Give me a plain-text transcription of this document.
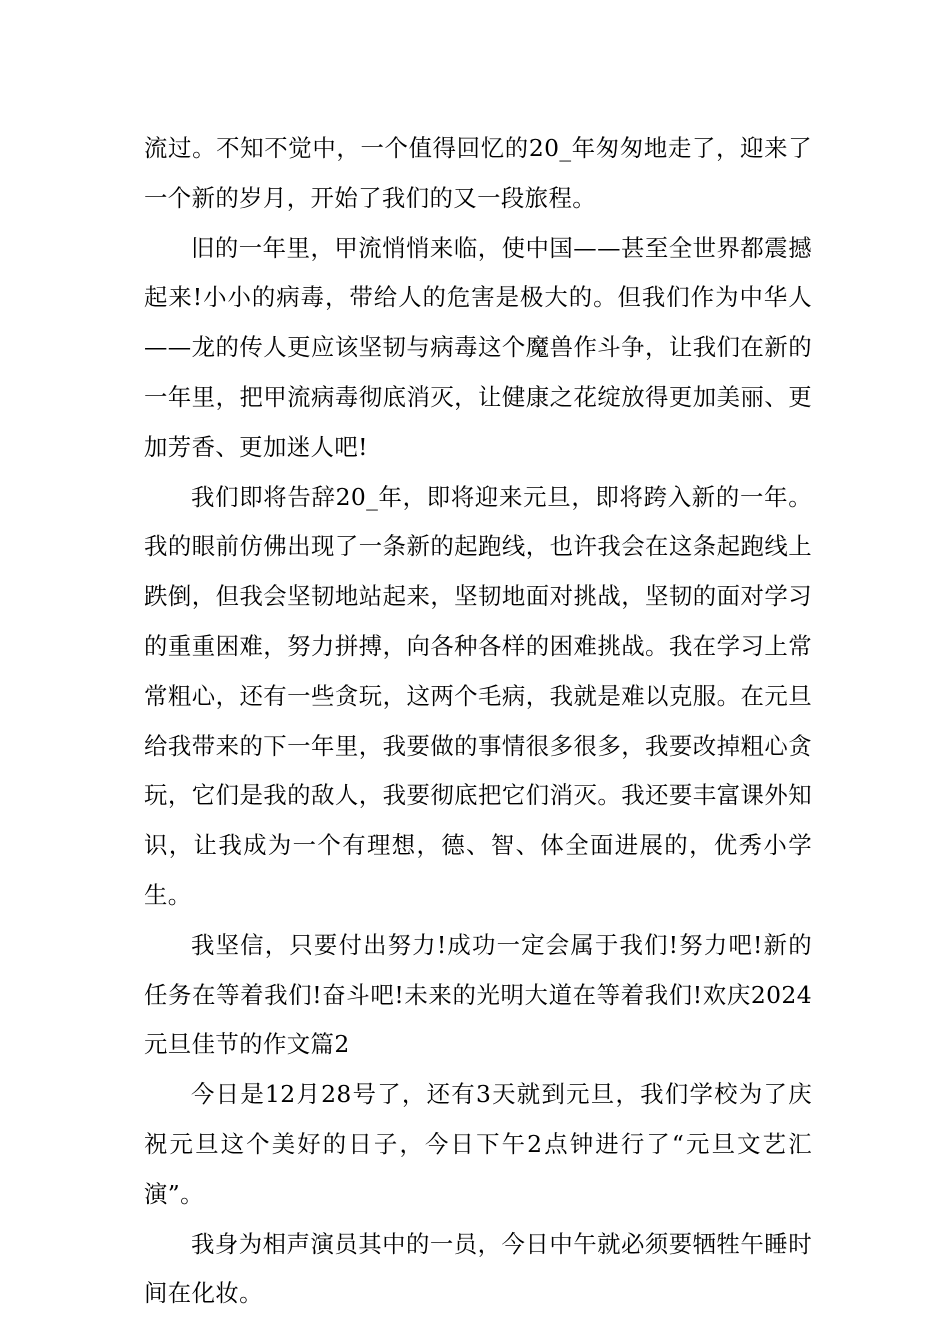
流过。不知不觉中，一个值得回忆的20_年匆匆地走了，迎来了一个新的岁月，开始了我们的又一段旅程。

旧的一年里，甲流悄悄来临，使中国——甚至全世界都震撼起来!小小的病毒，带给人的危害是极大的。但我们作为中华人——龙的传人更应该坚韧与病毒这个魔兽作斗争，让我们在新的一年里，把甲流病毒彻底消灭，让健康之花绽放得更加美丽、更加芳香、更加迷人吧!

我们即将告辞20_年，即将迎来元旦，即将跨入新的一年。我的眼前仿佛出现了一条新的起跑线，也许我会在这条起跑线上跌倒，但我会坚韧地站起来，坚韧地面对挑战，坚韧的面对学习的重重困难，努力拼搏，向各种各样的困难挑战。我在学习上常常粗心，还有一些贪玩，这两个毛病，我就是难以克服。在元旦给我带来的下一年里，我要做的事情很多很多，我要改掉粗心贪玩，它们是我的敌人，我要彻底把它们消灭。我还要丰富课外知识，让我成为一个有理想，德、智、体全面进展的，优秀小学生。

我坚信，只要付出努力!成功一定会属于我们!努力吧!新的任务在等着我们!奋斗吧!未来的光明大道在等着我们!欢庆2024元旦佳节的作文篇2

今日是12月28号了，还有3天就到元旦，我们学校为了庆祝元旦这个美好的日子，今日下午2点钟进行了“元旦文艺汇演”。

我身为相声演员其中的一员，今日中午就必须要牺牲午睡时间在化妆。
